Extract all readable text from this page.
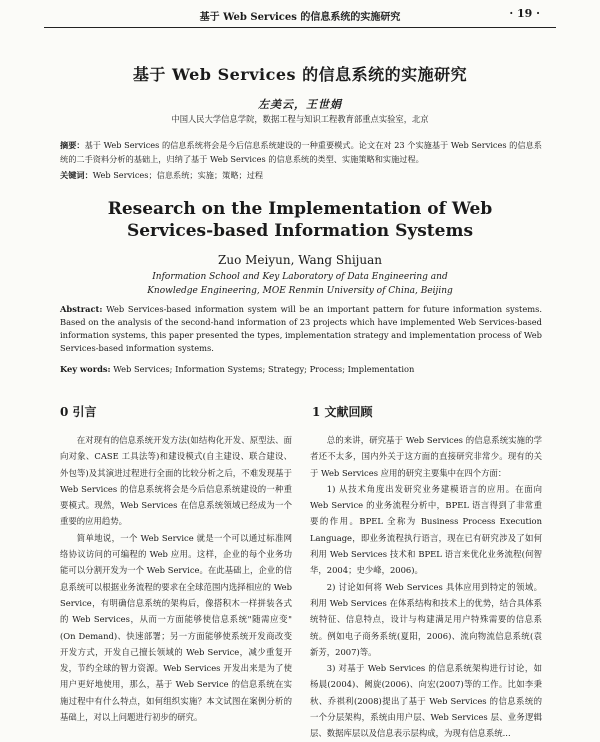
基于 Web Services 的信息系统的实施研究	· 19 ·
基于 Web Services 的信息系统的实施研究
左美云，王世娟
中国人民大学信息学院，数据工程与知识工程教育部重点实验室，北京
摘要：基于 Web Services 的信息系统将会是今后信息系统建设的一种重要模式。论文在对 23 个实施基于 Web Services 的信息系统的二手资料分析的基础上，归纳了基于 Web Services 的信息系统的类型、实施策略和实施过程。
关键词：Web Services；信息系统；实施；策略；过程
Research on the Implementation of Web
Services-based Information Systems
Zuo Meiyun, Wang Shijuan
Information School and Key Laboratory of Data Engineering and
Knowledge Engineering, MOE Renmin University of China, Beijing
Abstract: Web Services-based information system will be an important pattern for future information systems. Based on the analysis of the second-hand information of 23 projects which have implemented Web Services-based information systems, this paper presented the types, implementation strategy and implementation process of Web Services-based information systems.
Key words: Web Services; Information Systems; Strategy; Process; Implementation
0 引言	1 文献回顾

在对现有的信息系统开发方法(如结构化开发、原型法、面向对象、CASE 工具法等)和建设模式(自主建设、联合建设、外包等)及其演进过程进行全面的比较分析之后，不难发现基于 Web Services 的信息系统将会是今后信息系统建设的一种重要模式。现然，Web Services 在信息系统领域已经成为一个重要的应用趋势。

简单地说，一个 Web Service 就是一个可以通过标准网络协议访问的可编程的 Web 应用。这样，企业的每个业务功能可以分割开发为一个 Web Service。在此基础上，企业的信息系统可以根据业务流程的要求在全球范围内选择相应的 Web Service，有明确信息系统的架构后，像搭积木一样拼装各式的 Web Services，从而一方面能够使信息系统"随需应变"(On Demand)、快速部署；另一方面能够使系统开发商改变开发方式，开发自己擅长领域的 Web Service，减少重复开发，节约全球的智力资源。Web Services 开发出来是为了使用户更好地使用，那么，基于 Web Service 的信息系统在实施过程中有什么特点，如何组织实施？本文试图在案例分析的基础上，对以上问题进行初步的研究。

总的来讲，研究基于 Web Services 的信息系统实施的学者还不太多，国内外关于这方面的直接研究非常少。现有的关于 Web Services 应用的研究主要集中在四个方面：

1) 从技术角度出发研究业务建模语言的应用。在面向 Web Service 的业务流程分析中，BPEL 语言得到了非常重要的作用。BPEL 全称为 Business Process Execution Language，即业务流程执行语言，现在已有研究涉及了如何利用 Web Services 技术和 BPEL 语言来优化业务流程(何智华，2004；史少峰，2006)。

2) 讨论如何将 Web Services 具体应用到特定的领域。利用 Web Services 在体系结构和技术上的优势，结合具体系统特征、信息特点，设计与构建满足用户特殊需要的信息系统。例如电子商务系统(夏阳，2006)、流向物流信息系统(袁新芳，2007)等。

3) 对基于 Web Services 的信息系统架构进行讨论，如杨晨(2004)、阙旋(2006)、向宏(2007)等的工作。比如李秉秋、乔祺利(2008)提出了基于 Web Services 的信息系统的一个分层架构，系统由用户层、Web Services 层、业务逻辑层、数据库层以及信息表示层构成，为现有信息系统...
